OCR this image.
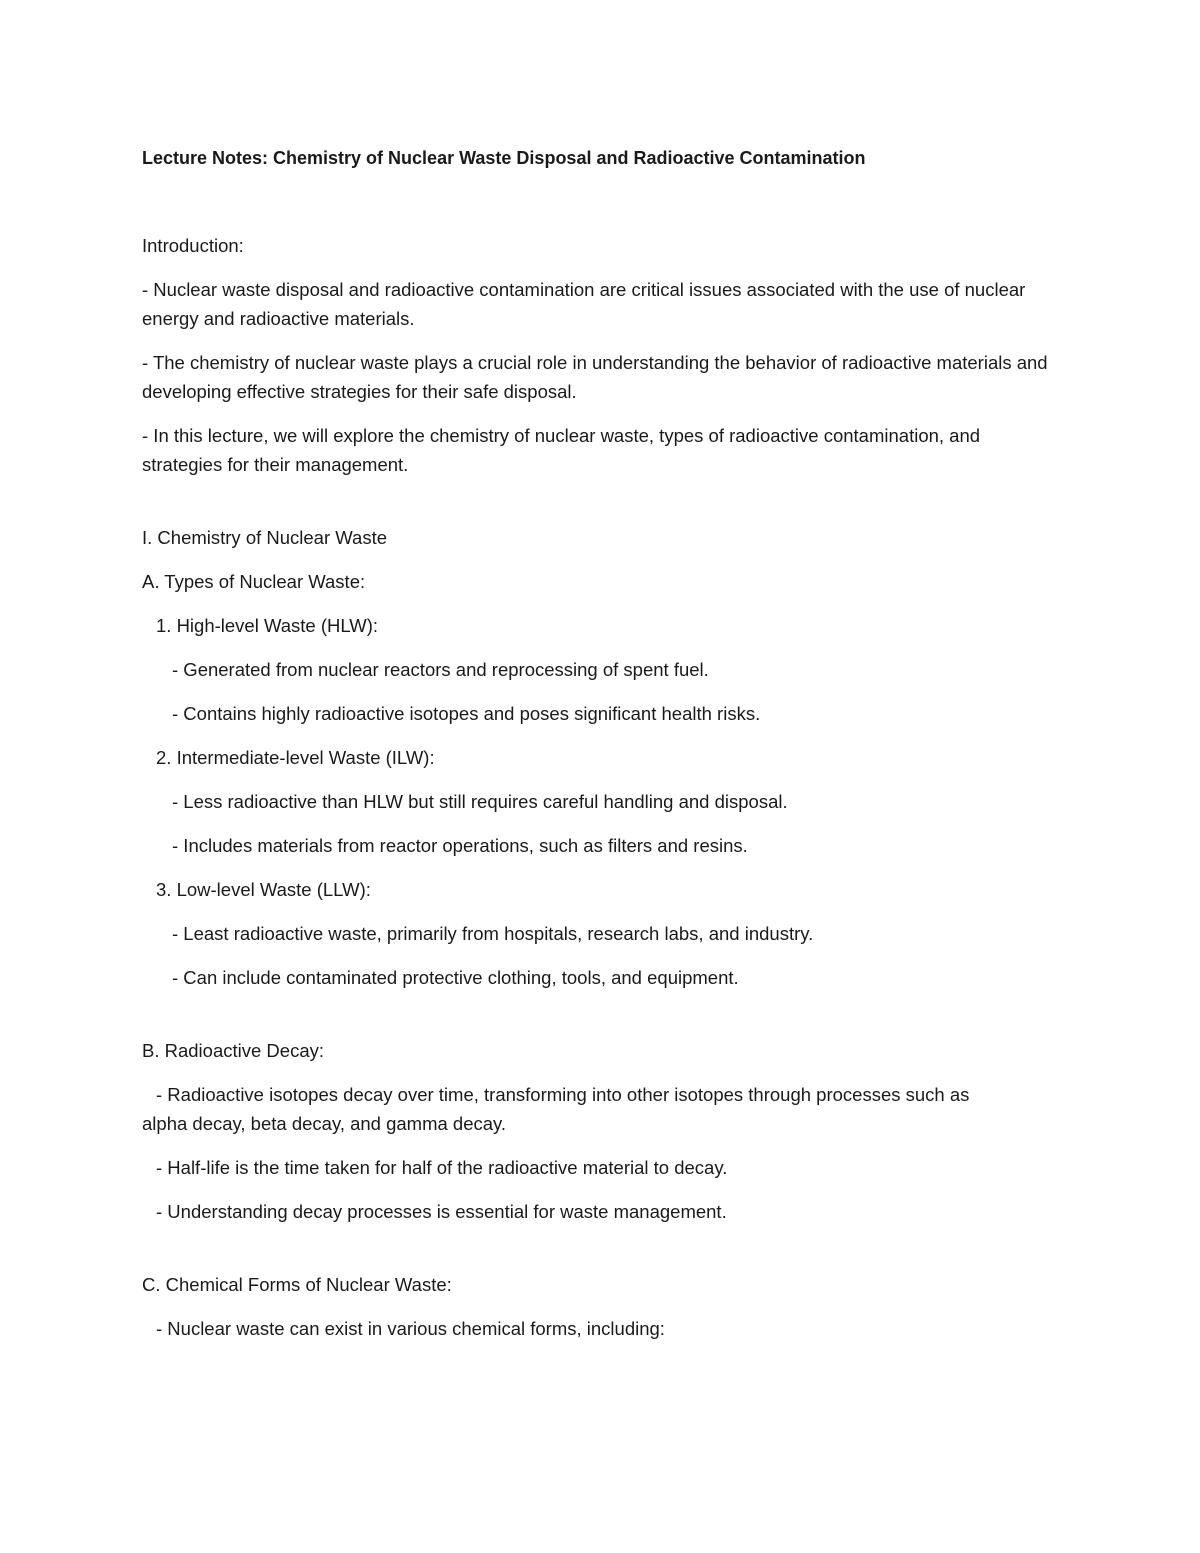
Lecture Notes: Chemistry of Nuclear Waste Disposal and Radioactive Contamination

Introduction:

- Nuclear waste disposal and radioactive contamination are critical issues associated with the use of nuclear energy and radioactive materials.

- The chemistry of nuclear waste plays a crucial role in understanding the behavior of radioactive materials and developing effective strategies for their safe disposal.

- In this lecture, we will explore the chemistry of nuclear waste, types of radioactive contamination, and strategies for their management.

I. Chemistry of Nuclear Waste

A. Types of Nuclear Waste:

1. High-level Waste (HLW):

- Generated from nuclear reactors and reprocessing of spent fuel.

- Contains highly radioactive isotopes and poses significant health risks.

2. Intermediate-level Waste (ILW):

- Less radioactive than HLW but still requires careful handling and disposal.

- Includes materials from reactor operations, such as filters and resins.

3. Low-level Waste (LLW):

- Least radioactive waste, primarily from hospitals, research labs, and industry.

- Can include contaminated protective clothing, tools, and equipment.

B. Radioactive Decay:

- Radioactive isotopes decay over time, transforming into other isotopes through processes such as

alpha decay, beta decay, and gamma decay.

- Half-life is the time taken for half of the radioactive material to decay.

- Understanding decay processes is essential for waste management.

C. Chemical Forms of Nuclear Waste:

- Nuclear waste can exist in various chemical forms, including:
